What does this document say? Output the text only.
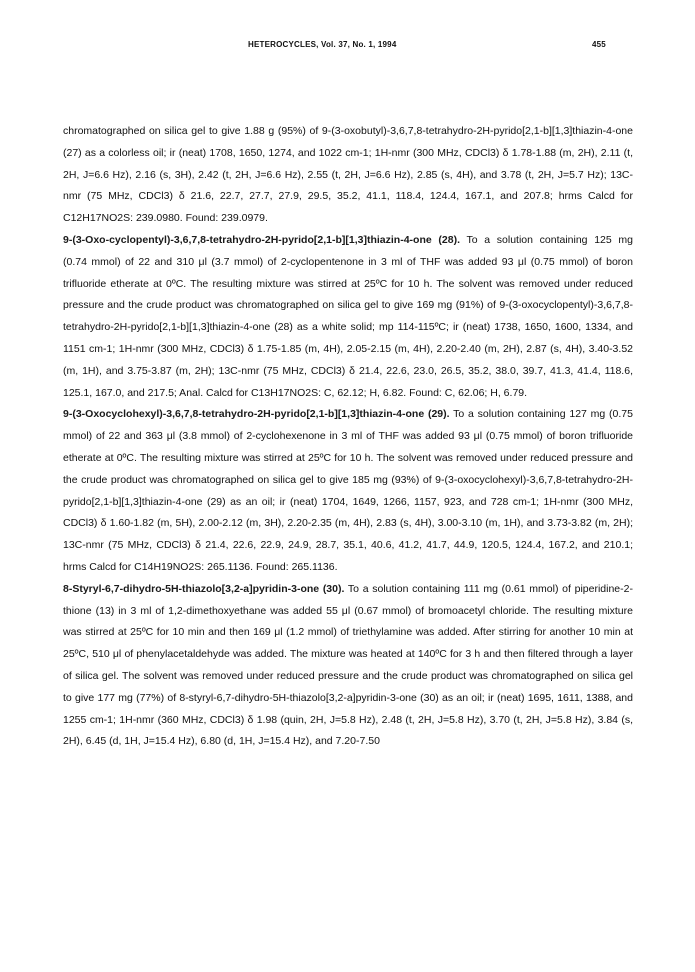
HETEROCYCLES, Vol. 37, No. 1, 1994	455

chromatographed on silica gel to give 1.88 g (95%) of 9-(3-oxobutyl)-3,6,7,8-tetrahydro-2H-pyrido[2,1-b][1,3]thiazin-4-one (27) as a colorless oil; ir (neat) 1708, 1650, 1274, and 1022 cm-1; 1H-nmr (300 MHz, CDCl3) δ 1.78-1.88 (m, 2H), 2.11 (t, 2H, J=6.6 Hz), 2.16 (s, 3H), 2.42 (t, 2H, J=6.6 Hz), 2.55 (t, 2H, J=6.6 Hz), 2.85 (s, 4H), and 3.78 (t, 2H, J=5.7 Hz); 13C-nmr (75 MHz, CDCl3) δ 21.6, 22.7, 27.7, 27.9, 29.5, 35.2, 41.1, 118.4, 124.4, 167.1, and 207.8; hrms Calcd for C12H17NO2S: 239.0980. Found: 239.0979.

9-(3-Oxo-cyclopentyl)-3,6,7,8-tetrahydro-2H-pyrido[2,1-b][1,3]thiazin-4-one (28). To a solution containing 125 mg (0.74 mmol) of 22 and 310 μl (3.7 mmol) of 2-cyclopentenone in 3 ml of THF was added 93 μl (0.75 mmol) of boron trifluoride etherate at 0ºC. The resulting mixture was stirred at 25ºC for 10 h. The solvent was removed under reduced pressure and the crude product was chromatographed on silica gel to give 169 mg (91%) of 9-(3-oxocyclopentyl)-3,6,7,8-tetrahydro-2H-pyrido[2,1-b][1,3]thiazin-4-one (28) as a white solid; mp 114-115ºC; ir (neat) 1738, 1650, 1600, 1334, and 1151 cm-1; 1H-nmr (300 MHz, CDCl3) δ 1.75-1.85 (m, 4H), 2.05-2.15 (m, 4H), 2.20-2.40 (m, 2H), 2.87 (s, 4H), 3.40-3.52 (m, 1H), and 3.75-3.87 (m, 2H); 13C-nmr (75 MHz, CDCl3) δ 21.4, 22.6, 23.0, 26.5, 35.2, 38.0, 39.7, 41.3, 41.4, 118.6, 125.1, 167.0, and 217.5; Anal. Calcd for C13H17NO2S: C, 62.12; H, 6.82. Found: C, 62.06; H, 6.79.

9-(3-Oxocyclohexyl)-3,6,7,8-tetrahydro-2H-pyrido[2,1-b][1,3]thiazin-4-one (29). To a solution containing 127 mg (0.75 mmol) of 22 and 363 μl (3.8 mmol) of 2-cyclohexenone in 3 ml of THF was added 93 μl (0.75 mmol) of boron trifluoride etherate at 0ºC. The resulting mixture was stirred at 25ºC for 10 h. The solvent was removed under reduced pressure and the crude product was chromatographed on silica gel to give 185 mg (93%) of 9-(3-oxocyclohexyl)-3,6,7,8-tetrahydro-2H-pyrido[2,1-b][1,3]thiazin-4-one (29) as an oil; ir (neat) 1704, 1649, 1266, 1157, 923, and 728 cm-1; 1H-nmr (300 MHz, CDCl3) δ 1.60-1.82 (m, 5H), 2.00-2.12 (m, 3H), 2.20-2.35 (m, 4H), 2.83 (s, 4H), 3.00-3.10 (m, 1H), and 3.73-3.82 (m, 2H); 13C-nmr (75 MHz, CDCl3) δ 21.4, 22.6, 22.9, 24.9, 28.7, 35.1, 40.6, 41.2, 41.7, 44.9, 120.5, 124.4, 167.2, and 210.1; hrms Calcd for C14H19NO2S: 265.1136. Found: 265.1136.

8-Styryl-6,7-dihydro-5H-thiazolo[3,2-a]pyridin-3-one (30). To a solution containing 111 mg (0.61 mmol) of piperidine-2-thione (13) in 3 ml of 1,2-dimethoxyethane was added 55 μl (0.67 mmol) of bromoacetyl chloride. The resulting mixture was stirred at 25ºC for 10 min and then 169 μl (1.2 mmol) of triethylamine was added. After stirring for another 10 min at 25ºC, 510 μl of phenylacetaldehyde was added. The mixture was heated at 140ºC for 3 h and then filtered through a layer of silica gel. The solvent was removed under reduced pressure and the crude product was chromatographed on silica gel to give 177 mg (77%) of 8-styryl-6,7-dihydro-5H-thiazolo[3,2-a]pyridin-3-one (30) as an oil; ir (neat) 1695, 1611, 1388, and 1255 cm-1; 1H-nmr (360 MHz, CDCl3) δ 1.98 (quin, 2H, J=5.8 Hz), 2.48 (t, 2H, J=5.8 Hz), 3.70 (t, 2H, J=5.8 Hz), 3.84 (s, 2H), 6.45 (d, 1H, J=15.4 Hz), 6.80 (d, 1H, J=15.4 Hz), and 7.20-7.50
